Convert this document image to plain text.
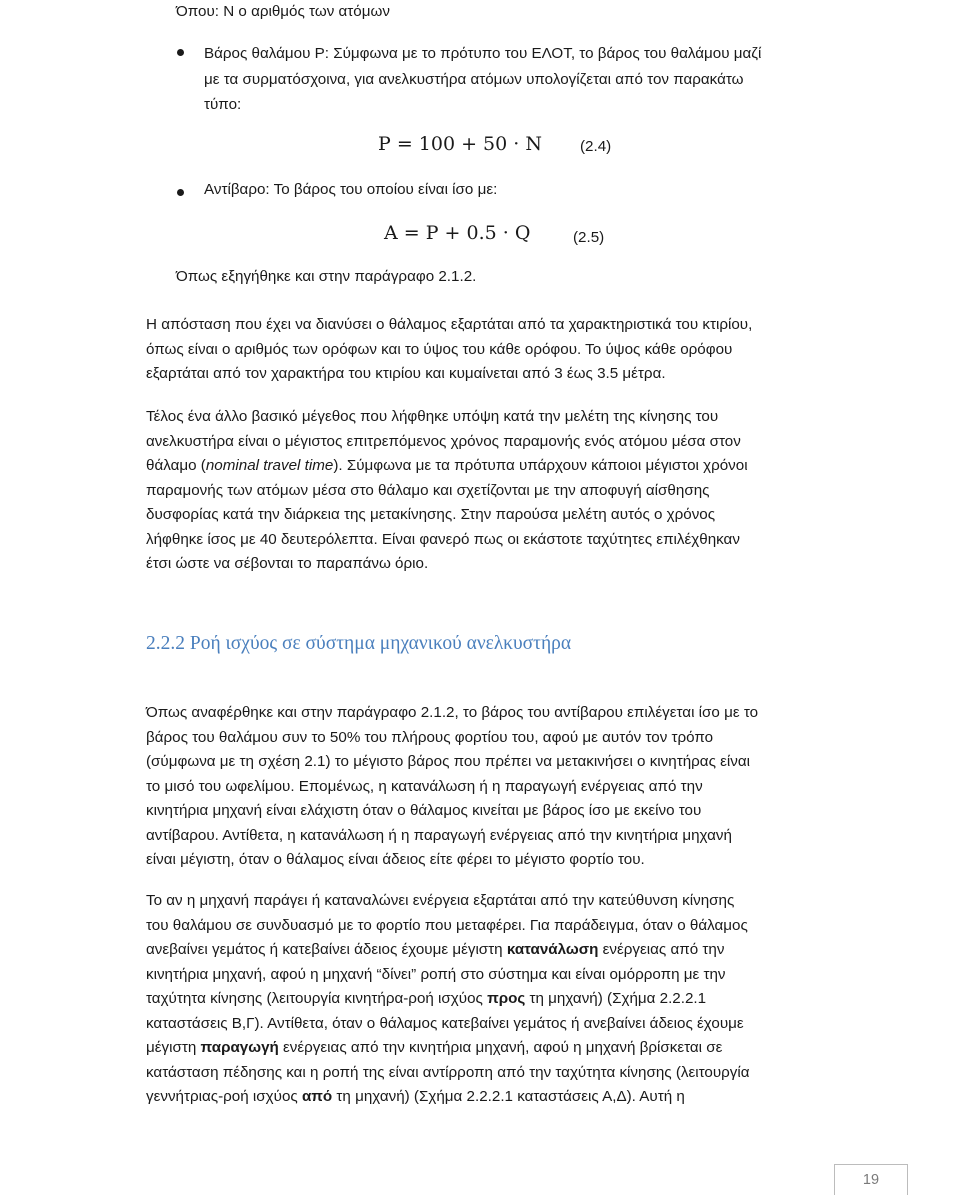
Όπου: Ν ο αριθμός των ατόμων
Βάρος θαλάμου P: Σύμφωνα με το πρότυπο του ΕΛΟΤ, το βάρος του θαλάμου μαζί
με τα συρματόσχοινα, για ανελκυστήρα ατόμων υπολογίζεται από τον παρακάτω
τύπο:
P = 100 + 50 · N	(2.4)
Αντίβαρο: Το βάρος του οποίου είναι ίσο με:
A = P + 0.5 · Q	(2.5)
Όπως εξηγήθηκε και στην παράγραφο 2.1.2.
Η απόσταση που έχει να διανύσει ο θάλαμος εξαρτάται από τα χαρακτηριστικά του κτιρίου,
όπως είναι ο αριθμός των ορόφων και το ύψος του κάθε ορόφου. Το ύψος κάθε ορόφου
εξαρτάται από τον χαρακτήρα του κτιρίου και κυμαίνεται από 3 έως 3.5 μέτρα.
Τέλος ένα άλλο βασικό μέγεθος που λήφθηκε υπόψη κατά την μελέτη της κίνησης του
ανελκυστήρα είναι ο μέγιστος επιτρεπόμενος χρόνος παραμονής ενός ατόμου μέσα στον
θάλαμο (nominal travel time). Σύμφωνα με τα πρότυπα υπάρχουν κάποιοι μέγιστοι χρόνοι
παραμονής των ατόμων μέσα στο θάλαμο και σχετίζονται με την αποφυγή αίσθησης
δυσφορίας κατά την διάρκεια της μετακίνησης. Στην παρούσα μελέτη αυτός ο χρόνος
λήφθηκε ίσος με 40 δευτερόλεπτα. Είναι φανερό πως οι εκάστοτε ταχύτητες επιλέχθηκαν
έτσι ώστε να σέβονται το παραπάνω όριο.
2.2.2 Ροή ισχύος σε σύστημα μηχανικού ανελκυστήρα
Όπως αναφέρθηκε και στην παράγραφο 2.1.2, το βάρος του αντίβαρου επιλέγεται ίσο με το
βάρος του θαλάμου συν το 50% του πλήρους φορτίου του, αφού με αυτόν τον τρόπο
(σύμφωνα με τη σχέση 2.1) το μέγιστο βάρος που πρέπει να μετακινήσει ο κινητήρας είναι
το μισό του ωφελίμου. Επομένως, η κατανάλωση ή η παραγωγή ενέργειας από την
κινητήρια μηχανή είναι ελάχιστη όταν ο θάλαμος κινείται με βάρος ίσο με εκείνο του
αντίβαρου. Αντίθετα, η κατανάλωση ή η παραγωγή ενέργειας από την κινητήρια μηχανή
είναι μέγιστη, όταν ο θάλαμος είναι άδειος είτε φέρει το μέγιστο φορτίο του.
Το αν η μηχανή παράγει ή καταναλώνει ενέργεια εξαρτάται από την κατεύθυνση κίνησης
του θαλάμου σε συνδυασμό με το φορτίο που μεταφέρει. Για παράδειγμα, όταν ο θάλαμος
ανεβαίνει γεμάτος ή κατεβαίνει άδειος έχουμε μέγιστη κατανάλωση ενέργειας από την
κινητήρια μηχανή, αφού η μηχανή “δίνει” ροπή στο σύστημα και είναι ομόρροπη με την
ταχύτητα κίνησης (λειτουργία κινητήρα-ροή ισχύος προς τη μηχανή) (Σχήμα 2.2.2.1
καταστάσεις Β,Γ). Αντίθετα, όταν ο θάλαμος κατεβαίνει γεμάτος ή ανεβαίνει άδειος έχουμε
μέγιστη παραγωγή ενέργειας από την κινητήρια μηχανή, αφού η μηχανή βρίσκεται σε
κατάσταση πέδησης και η ροπή της είναι αντίρροπη από την ταχύτητα κίνησης (λειτουργία
γεννήτριας-ροή ισχύος από τη μηχανή) (Σχήμα 2.2.2.1 καταστάσεις Α,Δ). Αυτή η
19
